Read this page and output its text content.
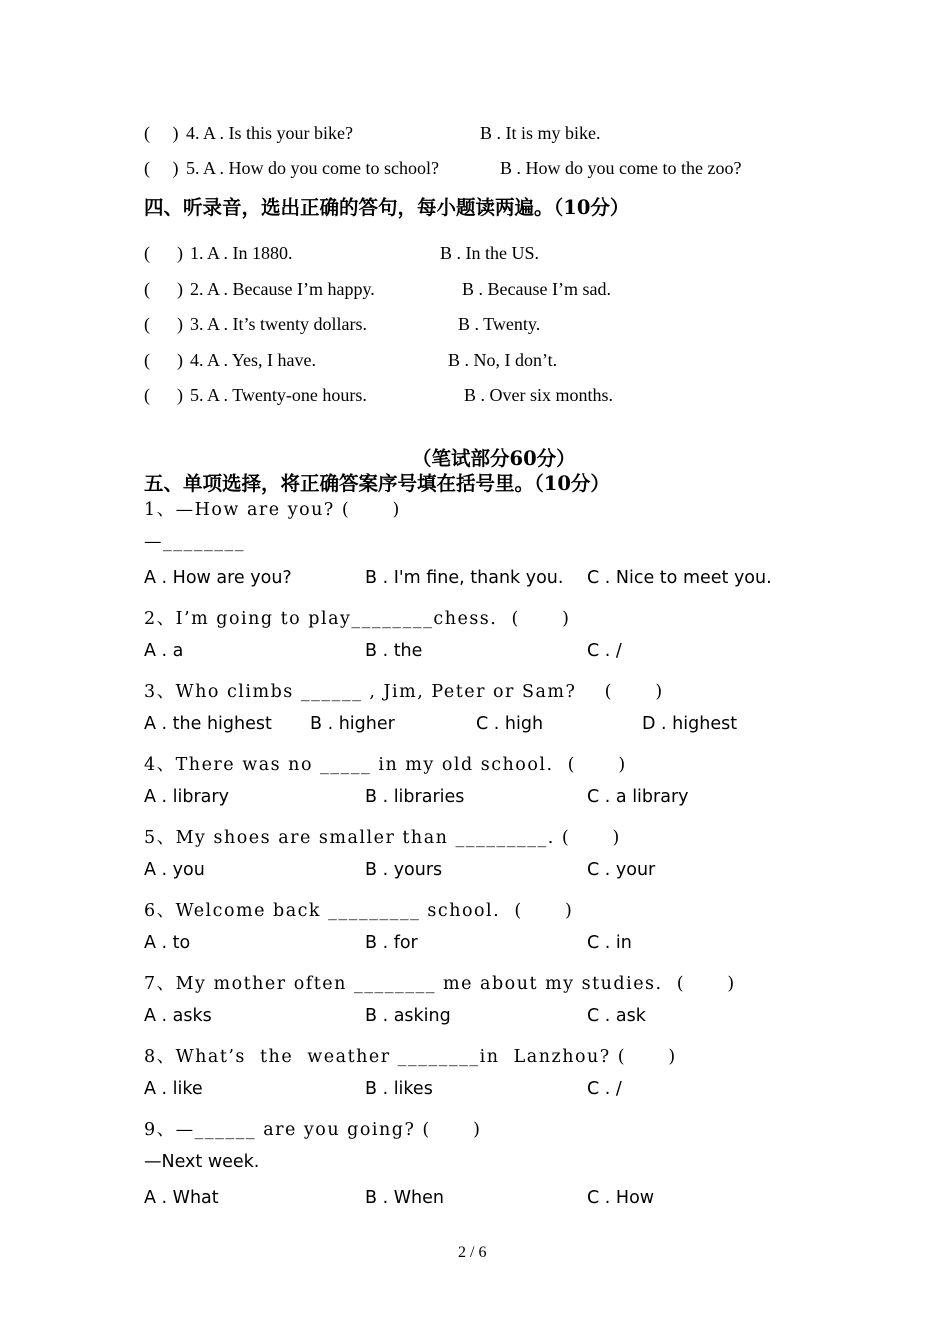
(     ) 4. A . Is this your bike?	B . It is my bike.
(     ) 5. A . How do you come to school?	B . How do you come to the zoo?
四、听录音，选出正确的答句，每小题读两遍。（10分）
(      ) 1. A . In 1880.	B . In the US.
(      ) 2. A . Because I’m happy.	B . Because I’m sad.
(      ) 3. A . It’s twenty dollars.	B . Twenty.
(      ) 4. A . Yes, I have.	B . No, I don’t.
(      ) 5. A . Twenty-one hours.	B . Over six months.
（笔试部分60分）
五、单项选择，将正确答案序号填在括号里。（10分）
1、—How are you? (      )
—________
A . How are you?	B . I'm fine, thank you. C . Nice to meet you.
2、I’m going to play________chess.  (      )
A . a	B . the	C . /
3、Who climbs ______ , Jim, Peter or Sam?    (      )
A . the highest B . higher	C . high	D . highest
4、There was no _____ in my old school.  (      )
A . library	B . libraries	C . a library
5、My shoes are smaller than _________. (      )
A . you	B . yours	C . your
6、Welcome back _________ school.  (      )
A . to	B . for	C . in
7、My mother often ________ me about my studies.  (      )
A . asks	B . asking	C . ask
8、What’s  the  weather ________in  Lanzhou? (      )
A . like	B . likes	C . /
9、—______ are you going? (      )
—Next week.
A . What	B . When	C . How
2 / 6
